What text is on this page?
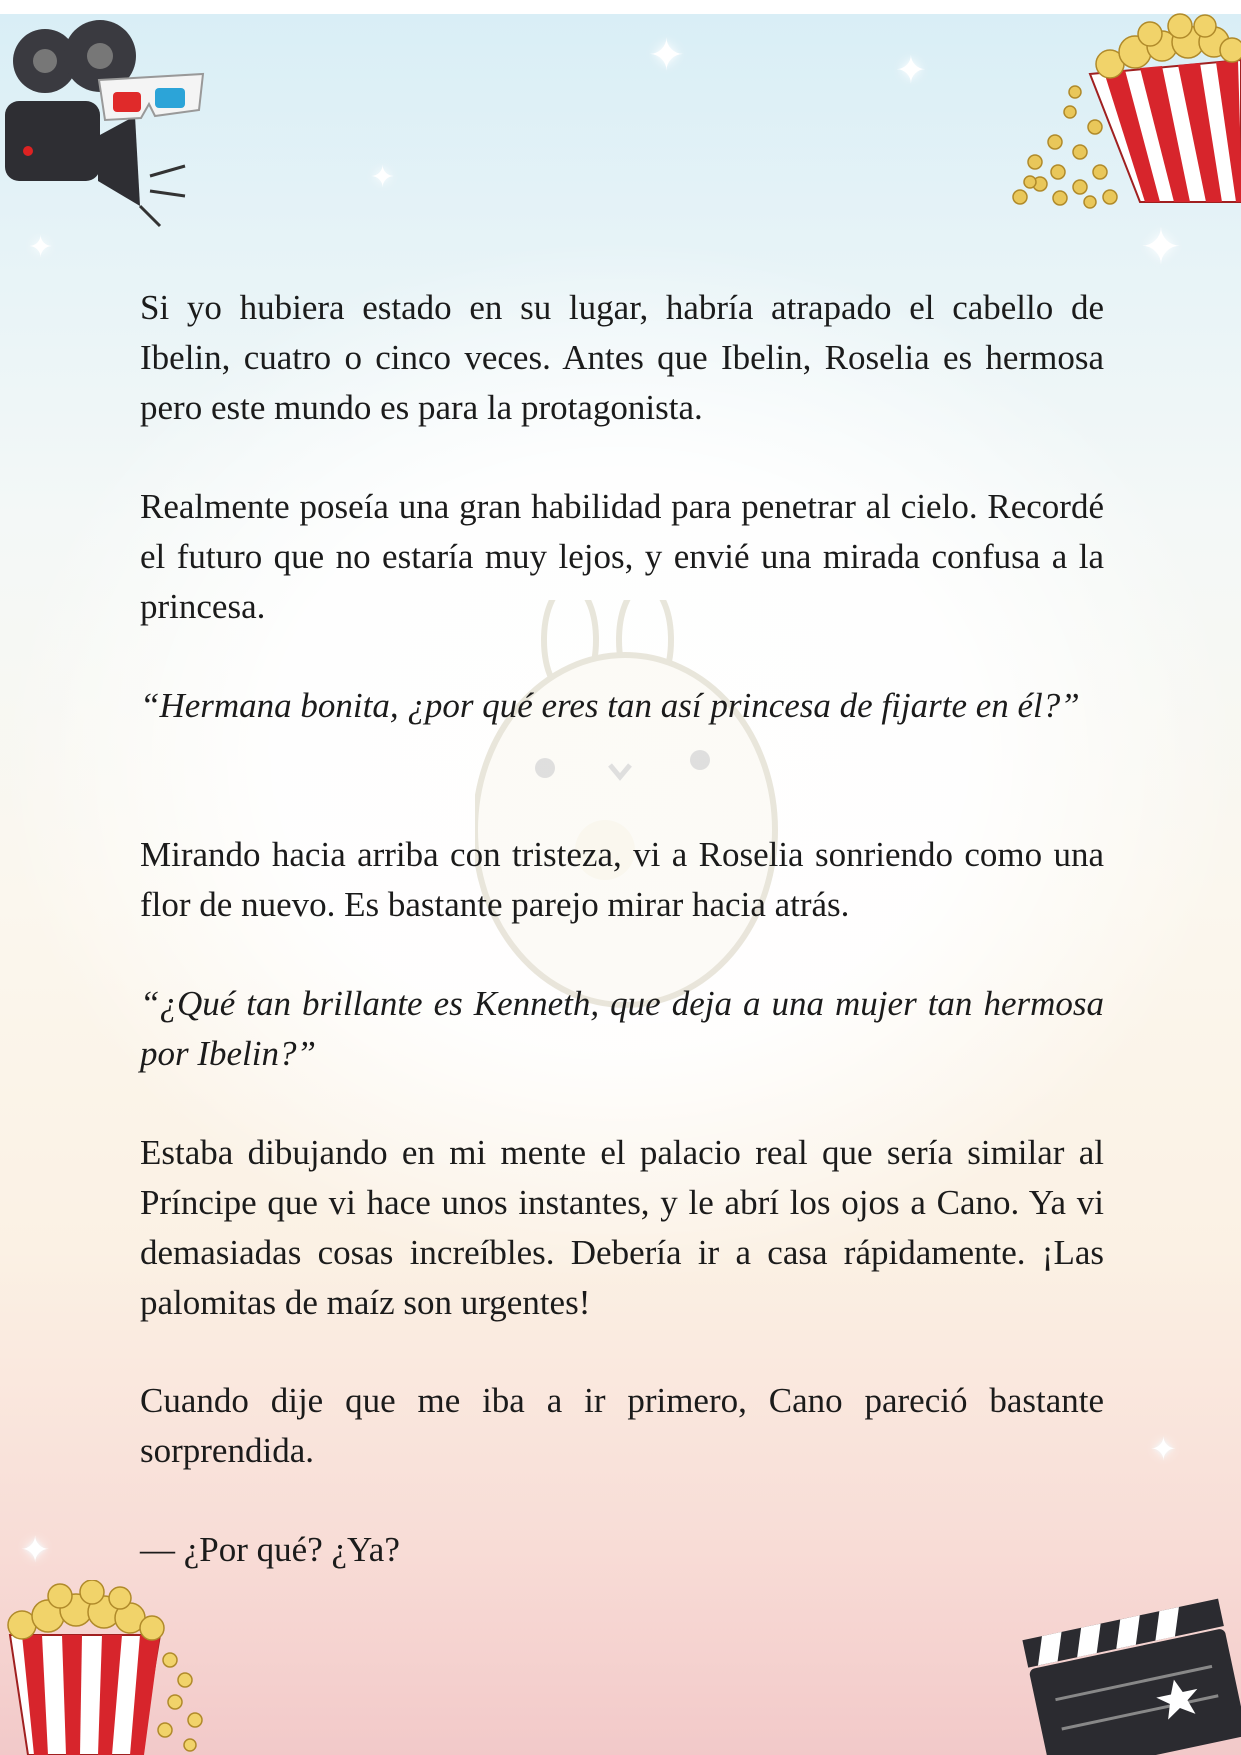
✦	✦
✦
✦
✦
✦
✦

Si yo hubiera estado en su lugar, habría atrapado el cabello de Ibelin, cuatro o cinco veces. Antes que Ibelin, Roselia es hermosa pero este mundo es para la protagonista.

Realmente poseía una gran habilidad para penetrar al cielo. Recordé el futuro que no estaría muy lejos, y envié una mirada confusa a la princesa.

“Hermana bonita, ¿por qué eres tan así princesa de fijarte en él?”

Mirando hacia arriba con tristeza, vi a Roselia sonriendo como una flor de nuevo. Es bastante parejo mirar hacia atrás.

“¿Qué tan brillante es Kenneth, que deja a una mujer tan hermosa por Ibelin?”

Estaba dibujando en mi mente el palacio real que sería similar al Príncipe que vi hace unos instantes, y le abrí los ojos a Cano. Ya vi demasiadas cosas increíbles. Debería ir a casa rápidamente. ¡Las palomitas de maíz son urgentes!

Cuando dije que me iba a ir primero, Cano pareció bastante sorprendida.

— ¿Por qué? ¿Ya?
